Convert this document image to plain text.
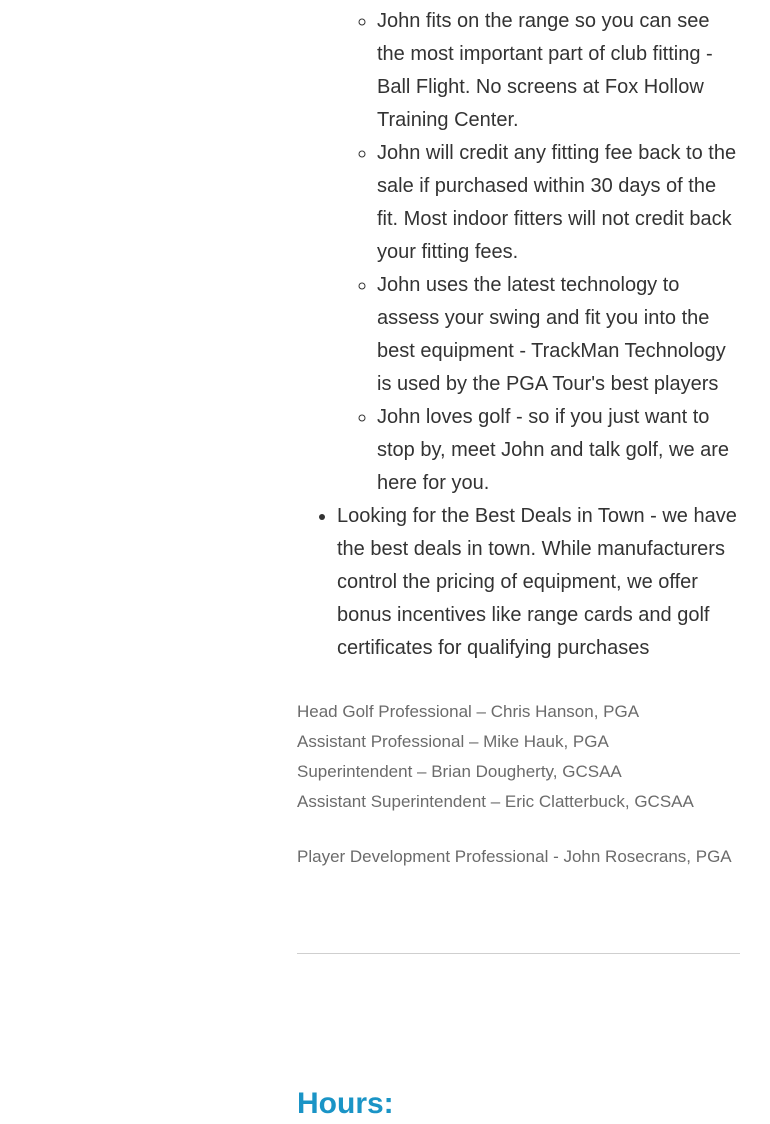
◦
◦ • John fits on the range so you can see the most important part of club fitting - Ball Flight. No screens at Fox Hollow Training Center.
◦ John will credit any fitting fee back to the sale if purchased within 30 days of the fit. Most indoor fitters will not credit back your fitting fees.
◦ John uses the latest technology to assess your swing and fit you into the best equipment - TrackMan Technology is used by the PGA Tour's best players
◦ John loves golf - so if you just want to stop by, meet John and talk golf, we are here for you.
• Looking for the Best Deals in Town - we have the best deals in town. While manufacturers control the pricing of equipment, we offer bonus incentives like range cards and golf certificates for qualifying purchases

Head Golf Professional – Chris Hanson, PGA

Assistant Professional – Mike Hauk, PGA

Superintendent – Brian Dougherty, GCSAA

Assistant Superintendent – Eric Clatterbuck, GCSAA

Player Development Professional - John Rosecrans, PGA

Hours:
